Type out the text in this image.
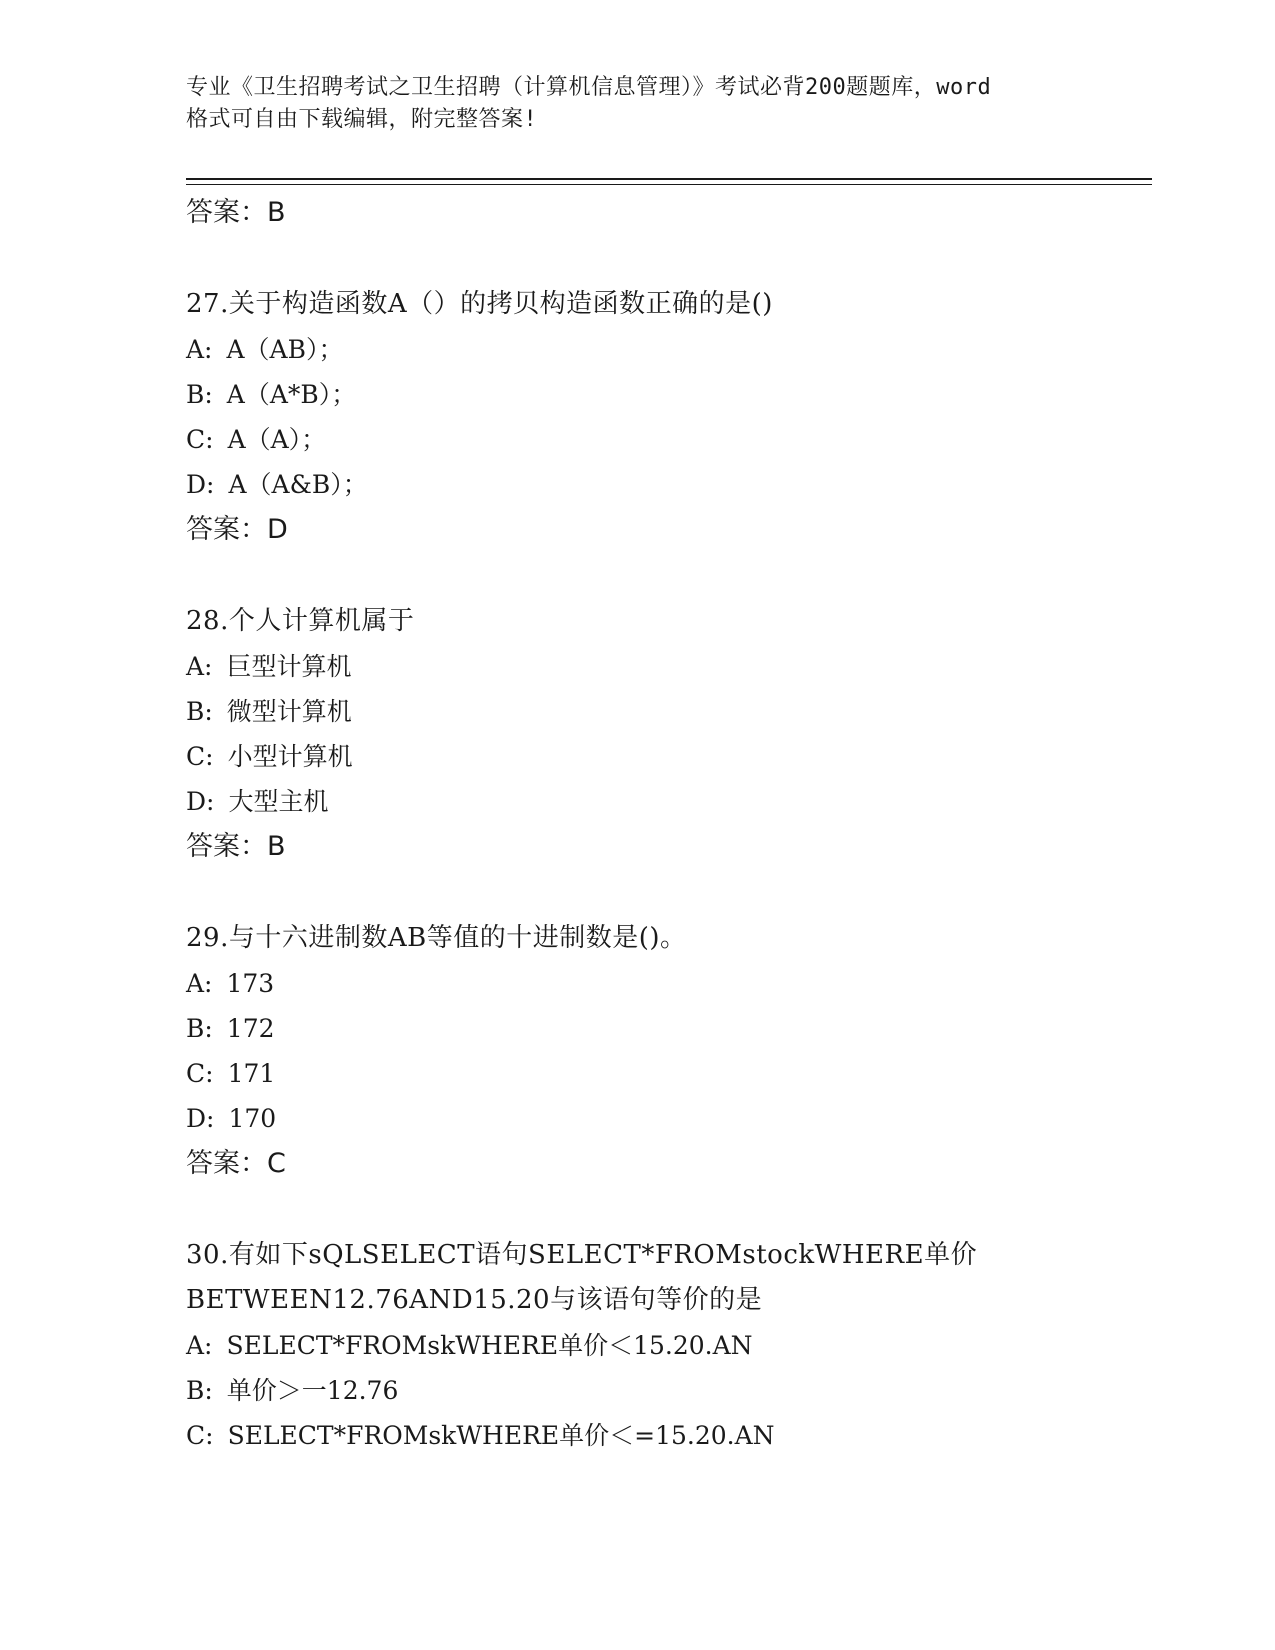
专业《卫生招聘考试之卫生招聘（计算机信息管理）》考试必背200题题库，word
格式可自由下载编辑，附完整答案!
答案：B
27.关于构造函数A（）的拷贝构造函数正确的是()
A: A（AB）；
B: A（A*B）；
C: A（A）；
D: A（A&B）；
答案：D
28.个人计算机属于
A: 巨型计算机
B: 微型计算机
C: 小型计算机
D: 大型主机
答案：B
29.与十六进制数AB等值的十进制数是()。
A: 173
B: 172
C: 171
D: 170
答案：C
30.有如下sQLSELECT语句SELECT*FROMstockWHERE单价
BETWEEN12.76AND15.20与该语句等价的是
A: SELECT*FROMskWHERE单价＜15.20.AN
B: 单价＞一12.76
C: SELECT*FROMskWHERE单价＜=15.20.AN
